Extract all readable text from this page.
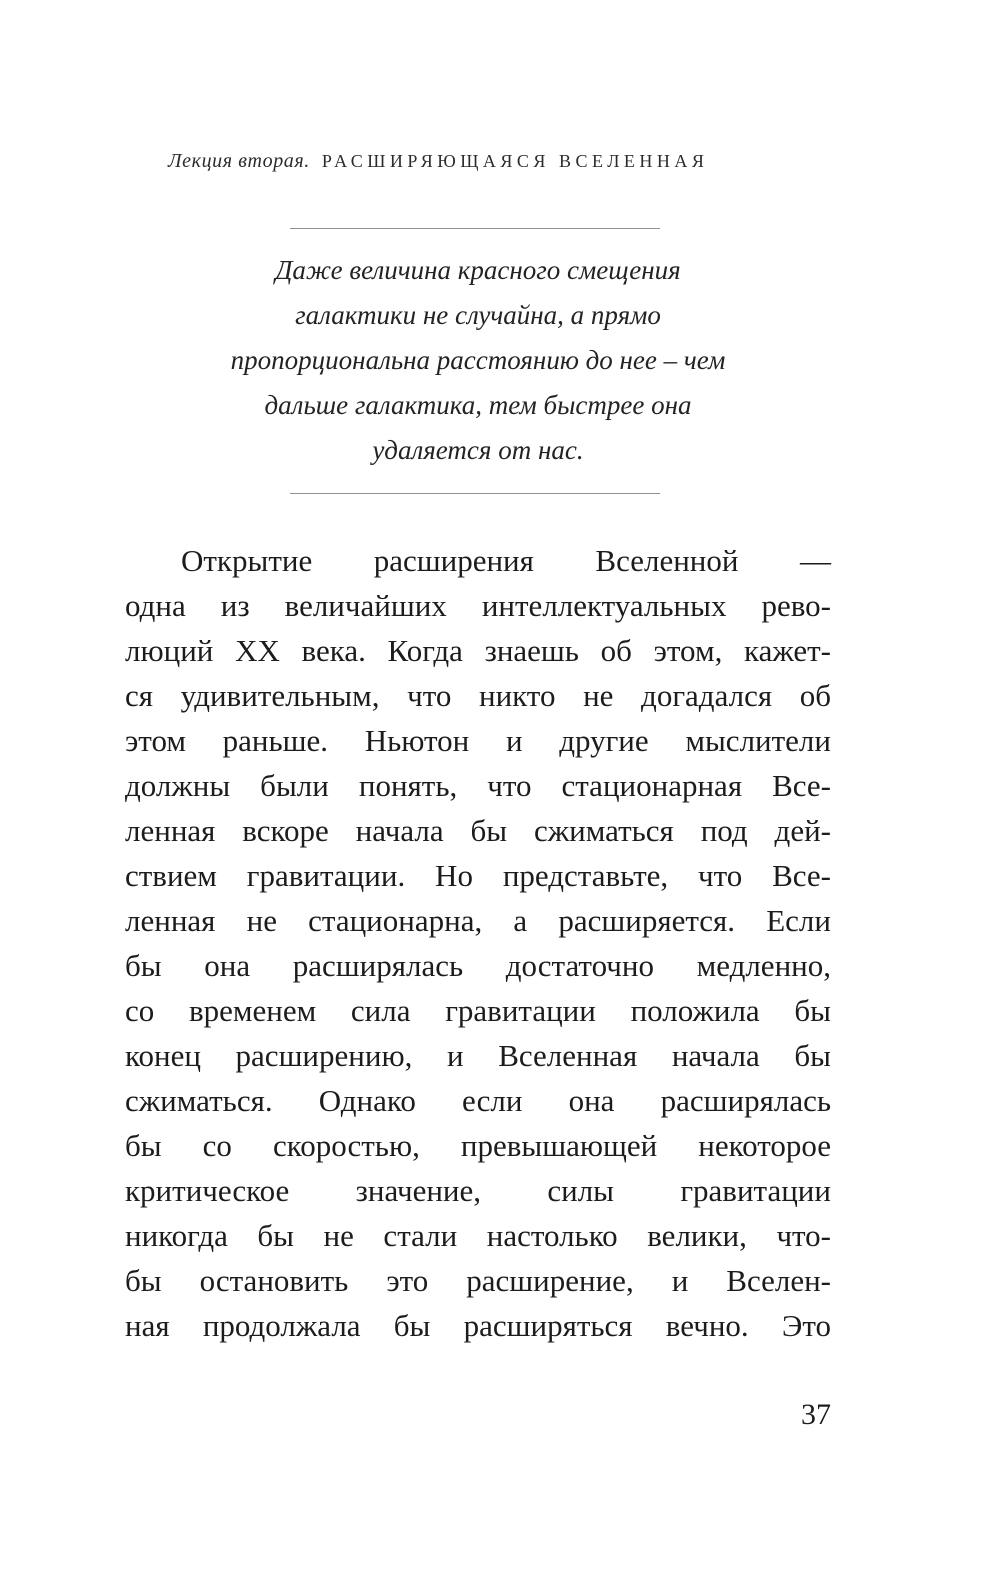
Лекция вторая. РАСШИРЯЮЩАЯСЯ ВСЕЛЕННАЯ
Даже величина красного смещения
галактики не случайна, а прямо
пропорциональна расстоянию до нее – чем
дальше галактика, тем быстрее она
удаляется от нас.
Открытие расширения Вселенной —
одна из величайших интеллектуальных рево-
люций XX века. Когда знаешь об этом, кажет-
ся удивительным, что никто не догадался об
этом раньше. Ньютон и другие мыслители
должны были понять, что стационарная Все-
ленная вскоре начала бы сжиматься под дей-
ствием гравитации. Но представьте, что Все-
ленная не стационарна, а расширяется. Если
бы она расширялась достаточно медленно,
со временем сила гравитации положила бы
конец расширению, и Вселенная начала бы
сжиматься. Однако если она расширялась
бы со скоростью, превышающей некоторое
критическое значение, силы гравитации
никогда бы не стали настолько велики, что-
бы остановить это расширение, и Вселен-
ная продолжала бы расширяться вечно. Это
37
